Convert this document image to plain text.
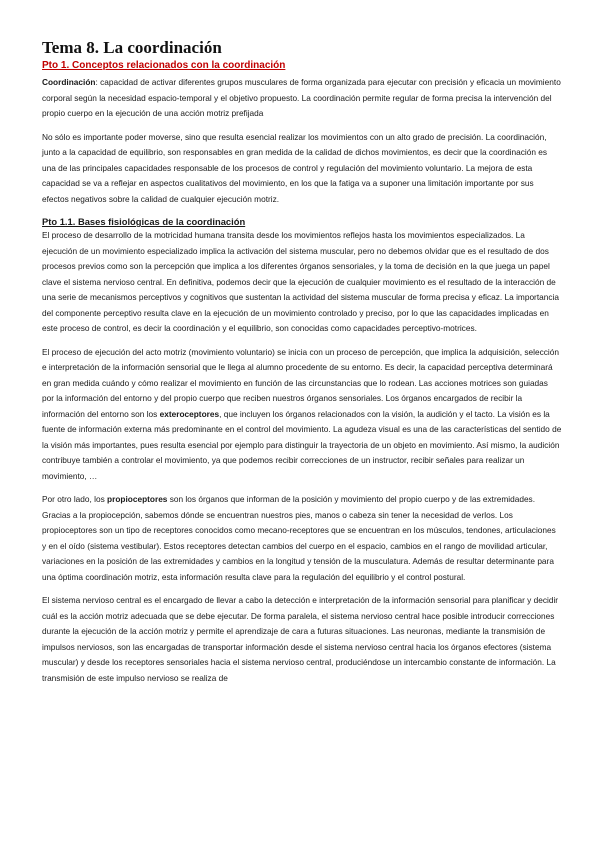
Tema 8. La coordinación
Pto 1. Conceptos relacionados con la coordinación

Coordinación: capacidad de activar diferentes grupos musculares de forma organizada para ejecutar con precisión y eficacia un movimiento corporal según la necesidad espacio-temporal y el objetivo propuesto. La coordinación permite regular de forma precisa la intervención del propio cuerpo en la ejecución de una acción motriz prefijada

No sólo es importante poder moverse, sino que resulta esencial realizar los movimientos con un alto grado de precisión. La coordinación, junto a la capacidad de equilibrio, son responsables en gran medida de la calidad de dichos movimientos, es decir que la coordinación es una de las principales capacidades responsable de los procesos de control y regulación del movimiento voluntario. La mejora de esta capacidad se va a reflejar en aspectos cualitativos del movimiento, en los que la fatiga va a suponer una limitación importante por sus efectos negativos sobre la calidad de cualquier ejecución motriz.

Pto 1.1. Bases fisiológicas de la coordinación

El proceso de desarrollo de la motricidad humana transita desde los movimientos reflejos hasta los movimientos especializados. La ejecución de un movimiento especializado implica la activación del sistema muscular, pero no debemos olvidar que es el resultado de dos procesos previos como son la percepción que implica a los diferentes órganos sensoriales, y la toma de decisión en la que juega un papel clave el sistema nervioso central. En definitiva, podemos decir que la ejecución de cualquier movimiento es el resultado de la interacción de una serie de mecanismos perceptivos y cognitivos que sustentan la actividad del sistema muscular de forma precisa y eficaz. La importancia del componente perceptivo resulta clave en la ejecución de un movimiento controlado y preciso, por lo que las capacidades implicadas en este proceso de control, es decir la coordinación y el equilibrio, son conocidas como capacidades perceptivo-motrices.

El proceso de ejecución del acto motriz (movimiento voluntario) se inicia con un proceso de percepción, que implica la adquisición, selección e interpretación de la información sensorial que le llega al alumno procedente de su entorno. Es decir, la capacidad perceptiva determinará en gran medida cuándo y cómo realizar el movimiento en función de las circunstancias que lo rodean. Las acciones motrices son guiadas por la información del entorno y del propio cuerpo que reciben nuestros órganos sensoriales. Los órganos encargados de recibir la información del entorno son los exteroceptores, que incluyen los órganos relacionados con la visión, la audición y el tacto. La visión es la fuente de información externa más predominante en el control del movimiento. La agudeza visual es una de las características del sentido de la visión más importantes, pues resulta esencial por ejemplo para distinguir la trayectoria de un objeto en movimiento. Así mismo, la audición contribuye también a controlar el movimiento, ya que podemos recibir correcciones de un instructor, recibir señales para realizar un movimiento, …

Por otro lado, los propioceptores son los órganos que informan de la posición y movimiento del propio cuerpo y de las extremidades. Gracias a la propiocepción, sabemos dónde se encuentran nuestros pies, manos o cabeza sin tener la necesidad de verlos. Los propioceptores son un tipo de receptores conocidos como mecano-receptores que se encuentran en los músculos, tendones, articulaciones y en el oído (sistema vestibular). Estos receptores detectan cambios del cuerpo en el espacio, cambios en el rango de movilidad articular, variaciones en la posición de las extremidades y cambios en la longitud y tensión de la musculatura. Además de resultar determinante para una óptima coordinación motriz, esta información resulta clave para la regulación del equilibrio y el control postural.

El sistema nervioso central es el encargado de llevar a cabo la detección e interpretación de la información sensorial para planificar y decidir cuál es la acción motriz adecuada que se debe ejecutar. De forma paralela, el sistema nervioso central hace posible introducir correcciones durante la ejecución de la acción motriz y permite el aprendizaje de cara a futuras situaciones. Las neuronas, mediante la transmisión de impulsos nerviosos, son las encargadas de transportar información desde el sistema nervioso central hacia los órganos efectores (sistema muscular) y desde los receptores sensoriales hacia el sistema nervioso central, produciéndose un intercambio constante de información. La transmisión de este impulso nervioso se realiza de
